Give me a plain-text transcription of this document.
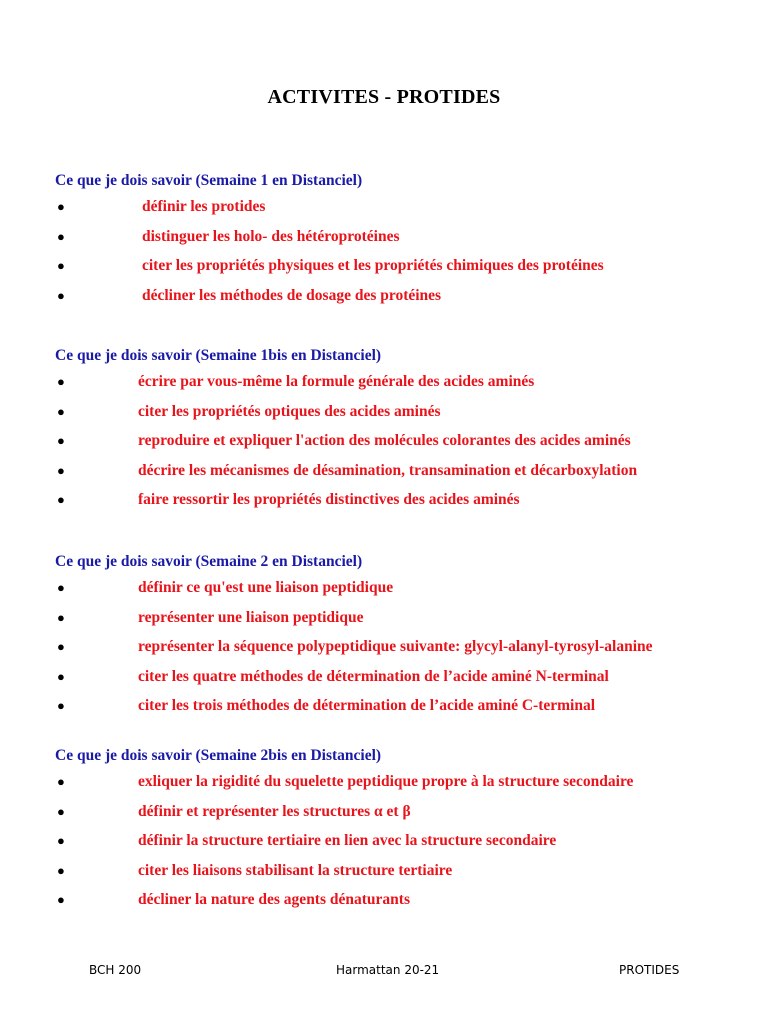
ACTIVITES - PROTIDES
Ce que je dois savoir (Semaine 1 en Distanciel)
●	définir les protides
●	distinguer les holo- des hétéroprotéines
●	citer les propriétés physiques et les propriétés chimiques des protéines
●	décliner les méthodes de dosage des protéines
Ce que je dois savoir (Semaine 1bis en Distanciel)
●	écrire par vous-même la formule générale des acides aminés
●	citer les propriétés optiques des acides aminés
●	reproduire et expliquer l'action des molécules colorantes des acides aminés
●	décrire les mécanismes de désamination, transamination et décarboxylation
●	faire ressortir les propriétés distinctives des acides aminés
Ce que je dois savoir (Semaine 2 en Distanciel)
●	définir ce qu'est une liaison peptidique
●	représenter une liaison peptidique
●	représenter la séquence polypeptidique suivante: glycyl-alanyl-tyrosyl-alanine
●	citer les quatre méthodes de détermination de l’acide aminé N-terminal
●	citer les trois méthodes de détermination de l’acide aminé C-terminal
Ce que je dois savoir (Semaine 2bis en Distanciel)
●	exliquer la rigidité du squelette peptidique propre à la structure secondaire
●	définir et représenter les structures α et β
●	définir la structure tertiaire en lien avec la structure secondaire
●	citer les liaisons stabilisant la structure tertiaire
●	décliner la nature des agents dénaturants
BCH 200	Harmattan 20-21	PROTIDES
